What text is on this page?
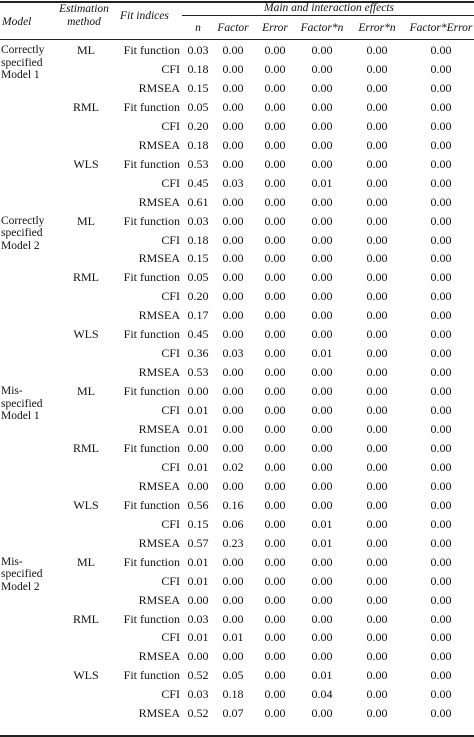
Model
Estimation method	Fit indices
Main and interaction effects
n	Factor	Error	Factor*n	Error*n	Factor*Error
Correctly specified Model 1
ML	Fit function 0.03	0.00	0.00	0.00	0.00	0.00
CFI 0.18	0.00	0.00	0.00	0.00	0.00
RMSEA 0.15	0.00	0.00	0.00	0.00	0.00
RML	Fit function 0.05	0.00	0.00	0.00	0.00	0.00
CFI 0.20	0.00	0.00	0.00	0.00	0.00
RMSEA 0.18	0.00	0.00	0.00	0.00	0.00
WLS	Fit function 0.53	0.00	0.00	0.00	0.00	0.00
CFI 0.45	0.03	0.00	0.01	0.00	0.00
RMSEA 0.61	0.00	0.00	0.00	0.00	0.00
Correctly specified Model 2
ML	Fit function 0.03	0.00	0.00	0.00	0.00	0.00
CFI 0.18	0.00	0.00	0.00	0.00	0.00
RMSEA 0.15	0.00	0.00	0.00	0.00	0.00
RML	Fit function 0.05	0.00	0.00	0.00	0.00	0.00
CFI 0.20	0.00	0.00	0.00	0.00	0.00
RMSEA 0.17	0.00	0.00	0.00	0.00	0.00
WLS	Fit function 0.45	0.00	0.00	0.00	0.00	0.00
CFI 0.36	0.03	0.00	0.01	0.00	0.00
RMSEA 0.53	0.00	0.00	0.00	0.00	0.00
Mis-specified Model 1
ML	Fit function 0.00	0.00	0.00	0.00	0.00	0.00
CFI 0.01	0.00	0.00	0.00	0.00	0.00
RMSEA 0.01	0.00	0.00	0.00	0.00	0.00
RML	Fit function 0.00	0.00	0.00	0.00	0.00	0.00
CFI 0.01	0.02	0.00	0.00	0.00	0.00
RMSEA 0.00	0.00	0.00	0.00	0.00	0.00
WLS	Fit function 0.56	0.16	0.00	0.00	0.00	0.00
CFI 0.15	0.06	0.00	0.01	0.00	0.00
RMSEA 0.57	0.23	0.00	0.01	0.00	0.00
Mis-specified Model 2
ML	Fit function 0.01	0.00	0.00	0.00	0.00	0.00
CFI 0.01	0.00	0.00	0.00	0.00	0.00
RMSEA 0.00	0.00	0.00	0.00	0.00	0.00
RML	Fit function 0.03	0.00	0.00	0.00	0.00	0.00
CFI 0.01	0.01	0.00	0.00	0.00	0.00
RMSEA 0.00	0.00	0.00	0.00	0.00	0.00
WLS	Fit function 0.52	0.05	0.00	0.01	0.00	0.00
CFI 0.03	0.18	0.00	0.04	0.00	0.00
RMSEA 0.52	0.07	0.00	0.00	0.00	0.00
